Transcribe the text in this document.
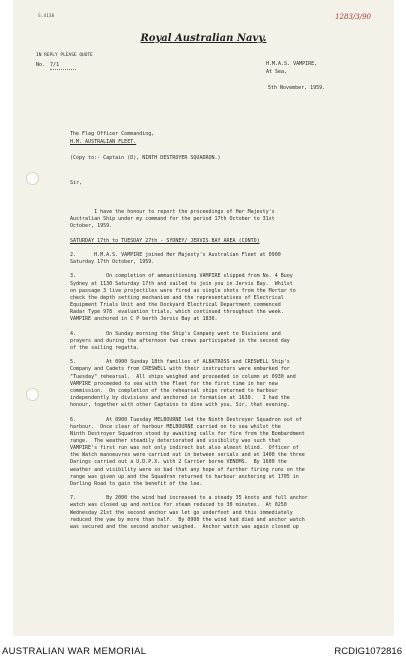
S.4138	1283/3/90
Royal Australian Navy.
IN REPLY PLEASE QUOTE
No. 7/1	H.M.A.S. VAMPIRE,
At Sea,
5th November, 1959.
The Flag Officer Commanding,
H.M. AUSTRALIAN FLEET.
(Copy to:- Captain (D), NINTH DESTROYER SQUADRON.)
Sir,
I have the honour to report the proceedings of Her Majesty's
Australian Ship under my command for the period 17th October to 31st
October, 1959.

SATURDAY 17th to TUESDAY 27th - SYDNEY/ JERVIS BAY AREA (CONTD)

2.      H.M.A.S. VAMPIRE joined Her Majesty's Australian Fleet at 0900
Saturday 17th October, 1959.

3.          On completion of ammunitioning VAMPIRE slipped from No. 4 Buoy
Sydney at 1130 Saturday 17th and sailed to join you in Jervis Bay.  Whilst
on passage 3 live projectiles were fired as single shots from the Mortar to
check the depth setting mechanism and the representatives of Electrical
Equipment Trials Unit and the Dockyard Electrical Department commenced
Radar Type 978  evaluation trials, which continued throughout the week.
VAMPIRE anchored in C P berth Jervis Bay at 1830.

4.          On Sunday morning the Ship's Company went to Divisions and
prayers and during the afternoon two crews participated in the second day
of the sailing regatta.

5.          At 0900 Sunday 18th families of ALBATROSS and CRESWELL Ship's
Company and Cadets from CRESWELL with their instructors were embarked for
"Tuesday" rehearsal.  All ships weighed and proceeded in column at 0930 and
VAMPIRE proceeded to sea with the Fleet for the first time in her new
commission.  On completion of the rehearsal ships returned to harbour
independently by divisions and anchored in formation at 1630.   I had the
honour, together with other Captains to dine with you, Sir, that evening.

6.          At 0900 Tuesday MELBOURNE led the Ninth Destroyer Squadron out of
harbour.  Once clear of harbour MELBOURNE carried on to sea whilst the
Ninth Destroyer Squadron stood by awaiting calls for fire from the Bombardment
range.  The weather steadily deteriorated and visibility was such that
VAMPIRE's first run was not only indirect but also almost blind.  Officer of
the Watch manoeuvres were carried out in between serials and at 1400 the three
Darings carried out a U.D.P.X. with 2 Carrier borne VENOMS.  By 1600 the
weather and visibility were so bad that any hope of further firing runs on the
range was given up and the Squadron returned to harbour anchoring at 1705 in
Darling Road to gain the benefit of the lee.

7.          By 2000 the wind had increased to a steady 35 knots and full anchor
watch was closed up and notice for steam reduced to 30 minutes.  At 0250
Wednesday 21st the second anchor was let go underfoot and this immediately
reduced the yaw by more than half.  By 0900 the wind had died and anchor watch
was secured and the second anchor weighed.  Anchor watch was again closed up
AUSTRALIAN WAR MEMORIAL	RCDIG1072816
